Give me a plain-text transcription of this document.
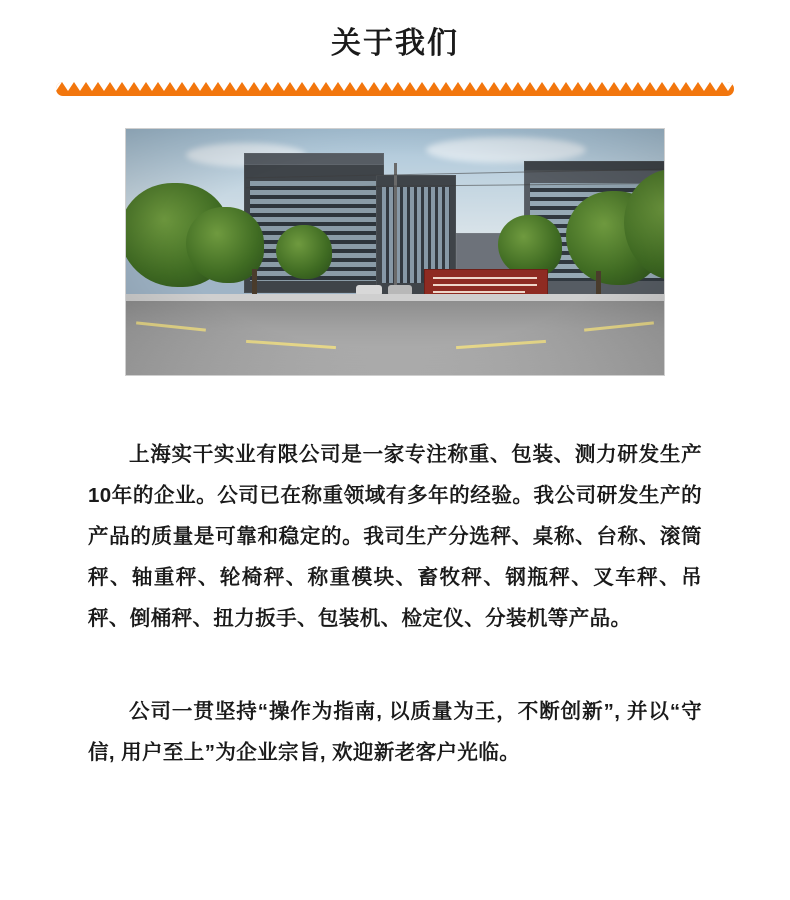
关于我们

上海实干实业有限公司是一家专注称重、包装、测力研发生产10年的企业。公司已在称重领域有多年的经验。我公司研发生产的产品的质量是可靠和稳定的。我司生产分选秤、桌称、台称、滚筒秤、轴重秤、轮椅秤、称重模块、畜牧秤、钢瓶秤、叉车秤、吊秤、倒桶秤、扭力扳手、包装机、检定仪、分装机等产品。

公司一贯坚持“操作为指南, 以质量为王，不断创新”, 并以“守信, 用户至上”为企业宗旨, 欢迎新老客户光临。
